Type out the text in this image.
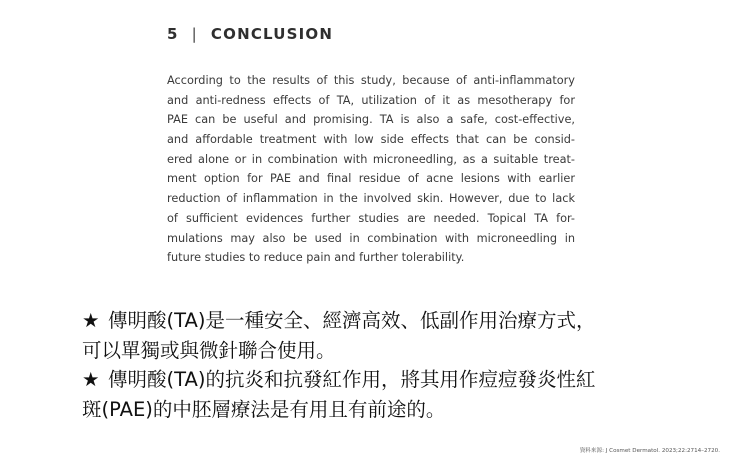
5 | CONCLUSION
According to the results of this study, because of anti-inflammatory
and anti-redness effects of TA, utilization of it as mesotherapy for
PAE can be useful and promising. TA is also a safe, cost-effective,
and affordable treatment with low side effects that can be consid-
ered alone or in combination with microneedling, as a suitable treat-
ment option for PAE and final residue of acne lesions with earlier
reduction of inflammation in the involved skin. However, due to lack
of sufficient evidences further studies are needed. Topical TA for-
mulations may also be used in combination with microneedling in
future studies to reduce pain and further tolerability.
★ 傳明酸(TA)是一種安全、經濟高效、低副作用治療方式，
可以單獨或與微針聯合使用。
★ 傳明酸(TA)的抗炎和抗發紅作用，將其用作痘痘發炎性紅
斑(PAE)的中胚層療法是有用且有前途的。
資料來源: J Cosmet Dermatol. 2023;22:2714–2720.
